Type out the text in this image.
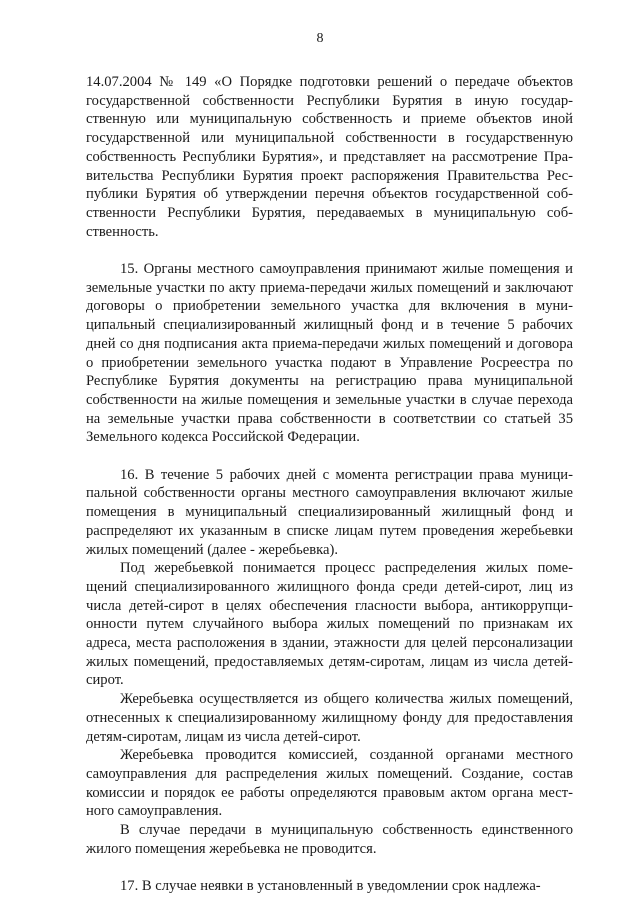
8

14.07.2004 № 149 «О Порядке подготовки решений о передаче объектов государственной собственности Республики Бурятия в иную государственную или муниципальную собственность и приеме объектов иной государственной или муниципальной собственности в государственную собственность Республики Бурятия», и представляет на рассмотрение Правительства Республики Бурятия проект распоряжения Правительства Республики Бурятия об утверждении перечня объектов государственной собственности Республики Бурятия, передаваемых в муниципальную собственность.

15. Органы местного самоуправления принимают жилые помещения и земельные участки по акту приема-передачи жилых помещений и заключают договоры о приобретении земельного участка для включения в муниципальный специализированный жилищный фонд и в течение 5 рабочих дней со дня подписания акта приема-передачи жилых помещений и договора о приобретении земельного участка подают в Управление Росреестра по Республике Бурятия документы на регистрацию права муниципальной собственности на жилые помещения и земельные участки в случае перехода на земельные участки права собственности в соответствии со статьей 35 Земельного кодекса Российской Федерации.

16. В течение 5 рабочих дней с момента регистрации права муниципальной собственности органы местного самоуправления включают жилые помещения в муниципальный специализированный жилищный фонд и распределяют их указанным в списке лицам путем проведения жеребьевки жилых помещений (далее - жеребьевка).

Под жеребьевкой понимается процесс распределения жилых помещений специализированного жилищного фонда среди детей-сирот, лиц из числа детей-сирот в целях обеспечения гласности выбора, антикоррупционности путем случайного выбора жилых помещений по признакам их адреса, места расположения в здании, этажности для целей персонализации жилых помещений, предоставляемых детям-сиротам, лицам из числа детей-сирот.

Жеребьевка осуществляется из общего количества жилых помещений, отнесенных к специализированному жилищному фонду для предоставления детям-сиротам, лицам из числа детей-сирот.

Жеребьевка проводится комиссией, созданной органами местного самоуправления для распределения жилых помещений. Создание, состав комиссии и порядок ее работы определяются правовым актом органа местного самоуправления.

В случае передачи в муниципальную собственность единственного жилого помещения жеребьевка не проводится.

17. В случае неявки в установленный в уведомлении срок надлежа-
